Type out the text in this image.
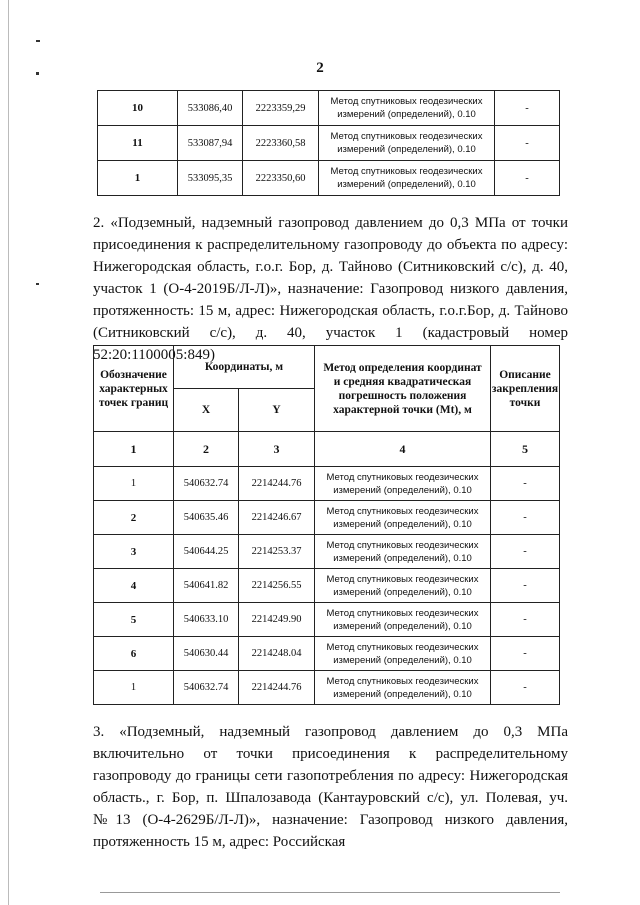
2
10	533086,40	2223359,29	Метод спутниковых геодезических измерений (определений), 0.10	-
11	533087,94	2223360,58	Метод спутниковых геодезических измерений (определений), 0.10	-
1	533095,35	2223350,60	Метод спутниковых геодезических измерений (определений), 0.10	-

2. «Подземный, надземный газопровод давлением до 0,3 МПа от точки присоединения к распределительному газопроводу до объекта по адресу: Нижегородская область, г.о.г. Бор, д. Тайново (Ситниковский с/с), д. 40, участок 1 (О-4-2019Б/Л-Л)», назначение: Газопровод низкого давления, протяженность: 15 м, адрес: Нижегородская область, г.о.г.Бор, д. Тайново (Ситниковский с/с), д. 40, участок 1 (кадастровый номер 52:20:1100005:849)

Обозначение характерных точек границ	Координаты, м		Метод определения координат и средняя квадратическая погрешность положения характерной точки (Mt), м	Описание закрепления точки
	X	Y		
1	2	3	4	5
1	540632.74	2214244.76	Метод спутниковых геодезических измерений (определений), 0.10	-
2	540635.46	2214246.67	Метод спутниковых геодезических измерений (определений), 0.10	-
3	540644.25	2214253.37	Метод спутниковых геодезических измерений (определений), 0.10	-
4	540641.82	2214256.55	Метод спутниковых геодезических измерений (определений), 0.10	-
5	540633.10	2214249.90	Метод спутниковых геодезических измерений (определений), 0.10	-
6	540630.44	2214248.04	Метод спутниковых геодезических измерений (определений), 0.10	-
1	540632.74	2214244.76	Метод спутниковых геодезических измерений (определений), 0.10	-

3. «Подземный, надземный газопровод давлением до 0,3 МПа включительно от точки присоединения к распределительному газопроводу до границы сети газопотребления по адресу: Нижегородская область., г. Бор, п. Шпалозавода (Кантауровский с/с), ул. Полевая, уч. №13 (О-4-2629Б/Л-Л)», назначение: Газопровод низкого давления, протяженность 15 м, адрес: Российская
